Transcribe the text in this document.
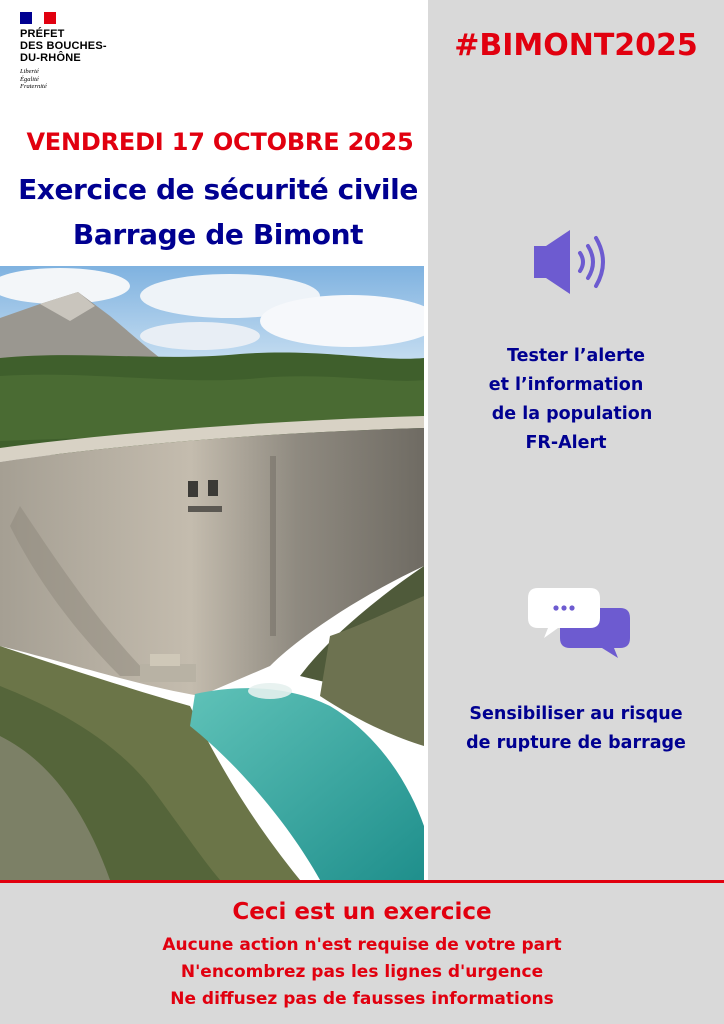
PRÉFET
DES BOUCHES-
DU-RHÔNE
Liberté
Égalité
Fraternité
VENDREDI 17 OCTOBRE 2025
Exercice de sécurité civile
Barrage de Bimont
#BIMONT2025
Tester l’alerte
et l’information
de la population
FR-Alert
Sensibiliser au risque
de rupture de barrage
Ceci est un exercice
Aucune action n'est requise de votre part
N'encombrez pas les lignes d'urgence
Ne diffusez pas de fausses informations
